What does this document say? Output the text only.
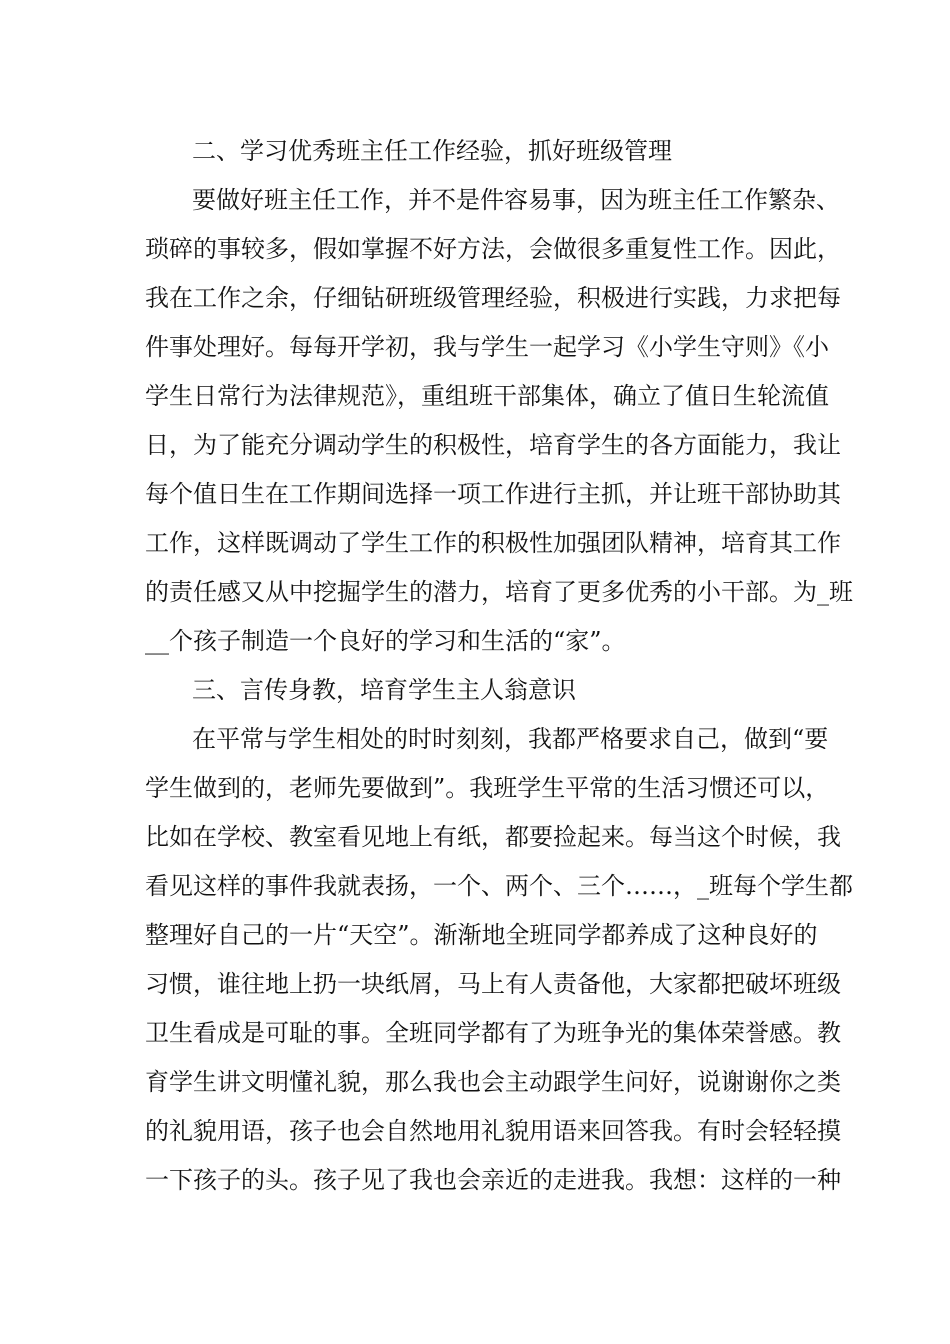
二、学习优秀班主任工作经验，抓好班级管理

要做好班主任工作，并不是件容易事，因为班主任工作繁杂、

琐碎的事较多，假如掌握不好方法，会做很多重复性工作。因此，

我在工作之余，仔细钻研班级管理经验，积极进行实践，力求把每

件事处理好。每每开学初，我与学生一起学习《小学生守则》《小

学生日常行为法律规范》，重组班干部集体，确立了值日生轮流值

日，为了能充分调动学生的积极性，培育学生的各方面能力，我让

每个值日生在工作期间选择一项工作进行主抓，并让班干部协助其

工作，这样既调动了学生工作的积极性加强团队精神，培育其工作

的责任感又从中挖掘学生的潜力，培育了更多优秀的小干部。为_班

__个孩子制造一个良好的学习和生活的“家”。

三、言传身教，培育学生主人翁意识

在平常与学生相处的时时刻刻，我都严格要求自己，做到“要

学生做到的，老师先要做到”。我班学生平常的生活习惯还可以，

比如在学校、教室看见地上有纸，都要捡起来。每当这个时候，我

看见这样的事件我就表扬，一个、两个、三个……，_班每个学生都

整理好自己的一片“天空”。渐渐地全班同学都养成了这种良好的

习惯，谁往地上扔一块纸屑，马上有人责备他，大家都把破坏班级

卫生看成是可耻的事。全班同学都有了为班争光的集体荣誉感。教

育学生讲文明懂礼貌，那么我也会主动跟学生问好，说谢谢你之类

的礼貌用语，孩子也会自然地用礼貌用语来回答我。有时会轻轻摸

一下孩子的头。孩子见了我也会亲近的走进我。我想：这样的一种
